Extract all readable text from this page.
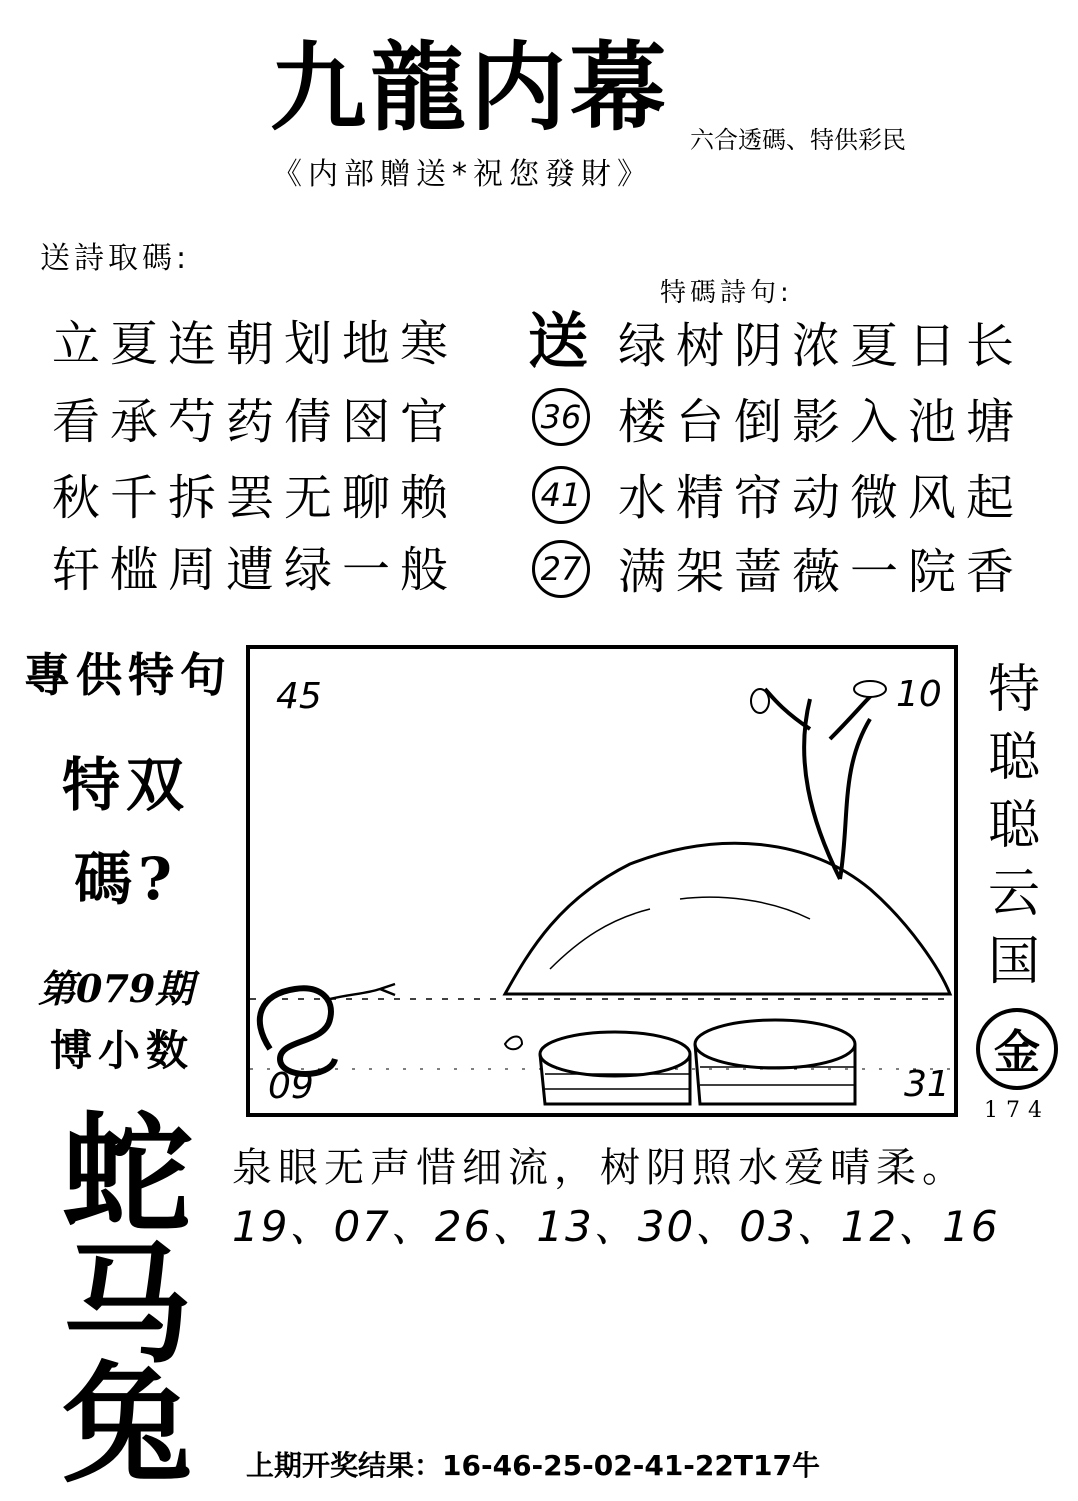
九龍内幕 六合透碼、特供彩民
《内部贈送*祝您發財》
送詩取碼:
立夏连朝划地寒
看承芍药倩囹官
秋千拆罢无聊赖
轩槛周遭绿一般
特碼詩句:
送
36
41
27
绿树阴浓夏日长
楼台倒影入池塘
水精帘动微风起
满架蔷薇一院香
專供特句
特双
碼?
第079期
博小数
蛇
马
兔
45	10
09	31
特
聪
聪
云
国
金
174
泉眼无声惜细流，树阴照水爱晴柔。
19、07、26、13、30、03、12、16
上期开奖结果：16-46-25-02-41-22T17牛
